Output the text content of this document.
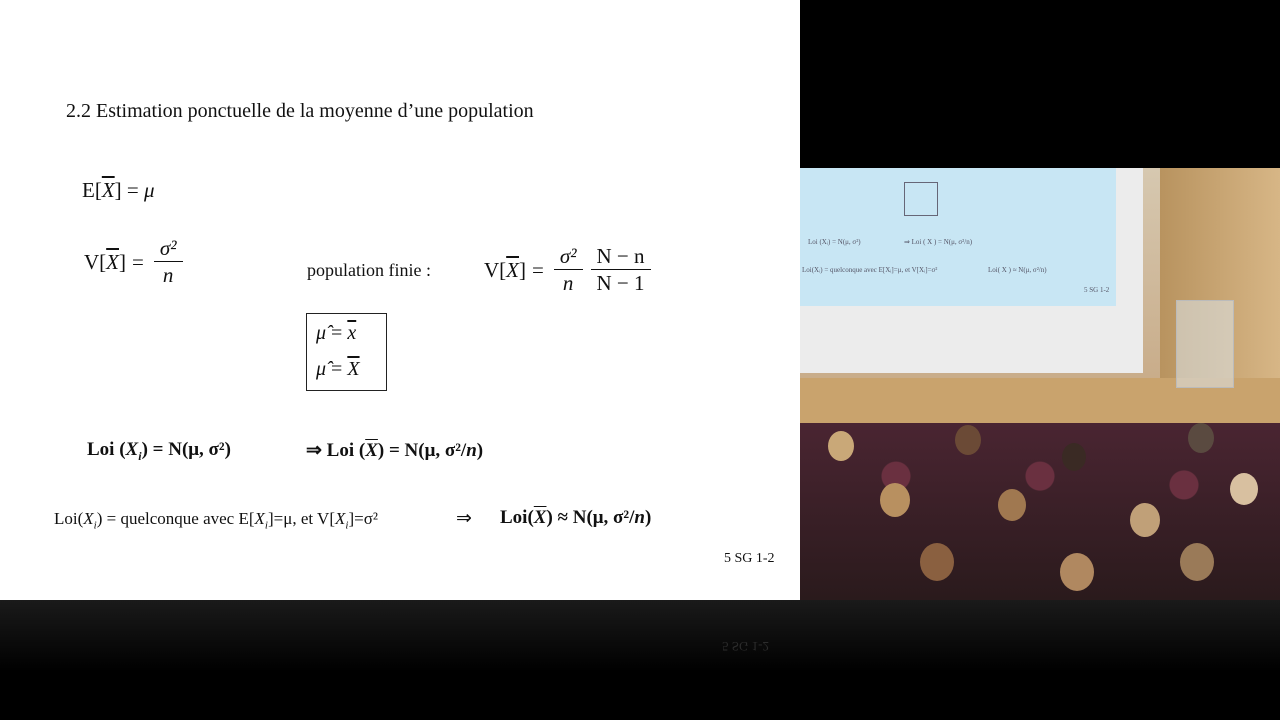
2.2 Estimation ponctuelle de la moyenne d’une population
$E[\overline{X}] = \mu$
V[ $\overline{X}$ ] = $\frac{\text{σ²}}{n}$	population finie :	V[ $\overline{X}$ ] = $\frac{\text{σ²}}{n} \frac{N - n}{N - 1}$
μ̂ = $\overline{x}$
μ̂ = $\overline{X}$
Loi $(X_i) = N(\mu$, σ²)	⇒ Loi $(\overline{X}) = N(\mu$, σ²/n)
$Loi(X_i)$ = quelconque avec $E[X_i]=\mu$, et $V[X_i]=\sigma^2$	⇒ $Loi(\overline{X}) \approx N(\mu$, σ²/n)
5 SG 1-2
5 SG 1-2
Loi (Xᵢ) = N(μ, σ²)	⇒ Loi ( X ) = N(μ, σ²/n)
Loi(Xᵢ) = quelconque avec E[Xᵢ]=μ, et V[Xᵢ]=σ²	Loi( X ) ≈ N(μ, σ²/n)
5 SG 1-2
